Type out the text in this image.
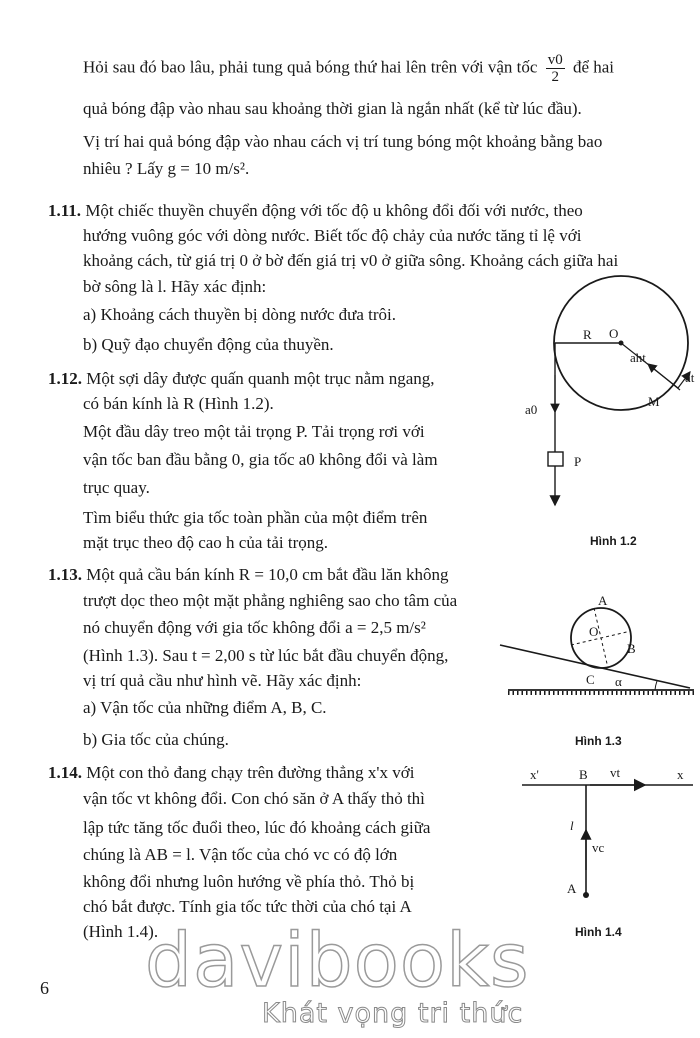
Hỏi sau đó bao lâu, phải tung quả bóng thứ hai lên trên với vận tốc $\frac{v0}{2}$ để hai
quả bóng đập vào nhau sau khoảng thời gian là ngắn nhất (kể từ lúc đầu).
Vị trí hai quả bóng đập vào nhau cách vị trí tung bóng một khoảng bằng bao
nhiêu ? Lấy g = 10 m/s².
1.11. Một chiếc thuyền chuyển động với tốc độ u không đổi đối với nước, theo
hướng vuông góc với dòng nước. Biết tốc độ chảy của nước tăng tỉ lệ với
khoảng cách, từ giá trị 0 ở bờ đến giá trị v0 ở giữa sông. Khoảng cách giữa hai
bờ sông là l. Hãy xác định:
a) Khoảng cách thuyền bị dòng nước đưa trôi.
b) Quỹ đạo chuyển động của thuyền.
1.12. Một sợi dây được quấn quanh một trục nằm ngang,
có bán kính là R (Hình 1.2).
Một đầu dây treo một tải trọng P. Tải trọng rơi với
vận tốc ban đầu bằng 0, gia tốc a0 không đổi và làm
trục quay.
Tìm biểu thức gia tốc toàn phần của một điểm trên
mặt trục theo độ cao h của tải trọng.
1.13. Một quả cầu bán kính R = 10,0 cm bắt đầu lăn không
trượt dọc theo một mặt phẳng nghiêng sao cho tâm của
nó chuyển động với gia tốc không đổi a = 2,5 m/s²
(Hình 1.3). Sau t = 2,00 s từ lúc bắt đầu chuyển động,
vị trí quả cầu như hình vẽ. Hãy xác định:
a) Vận tốc của những điểm A, B, C.
b) Gia tốc của chúng.
1.14. Một con thỏ đang chạy trên đường thẳng x'x với
vận tốc vt không đổi. Con chó săn ở A thấy thỏ thì
lập tức tăng tốc đuổi theo, lúc đó khoảng cách giữa
chúng là AB = l. Vận tốc của chó vc có độ lớn
không đổi nhưng luôn hướng về phía thỏ. Thỏ bị
chó bắt được. Tính gia tốc tức thời của chó tại A
(Hình 1.4).
R O
aht
at
M
a0
P
Hình 1.2
A
O
B
C α
Hình 1.3
x'	B vt	x
l
vc
A
Hình 1.4
6 davibooks
Khát vọng tri thức
